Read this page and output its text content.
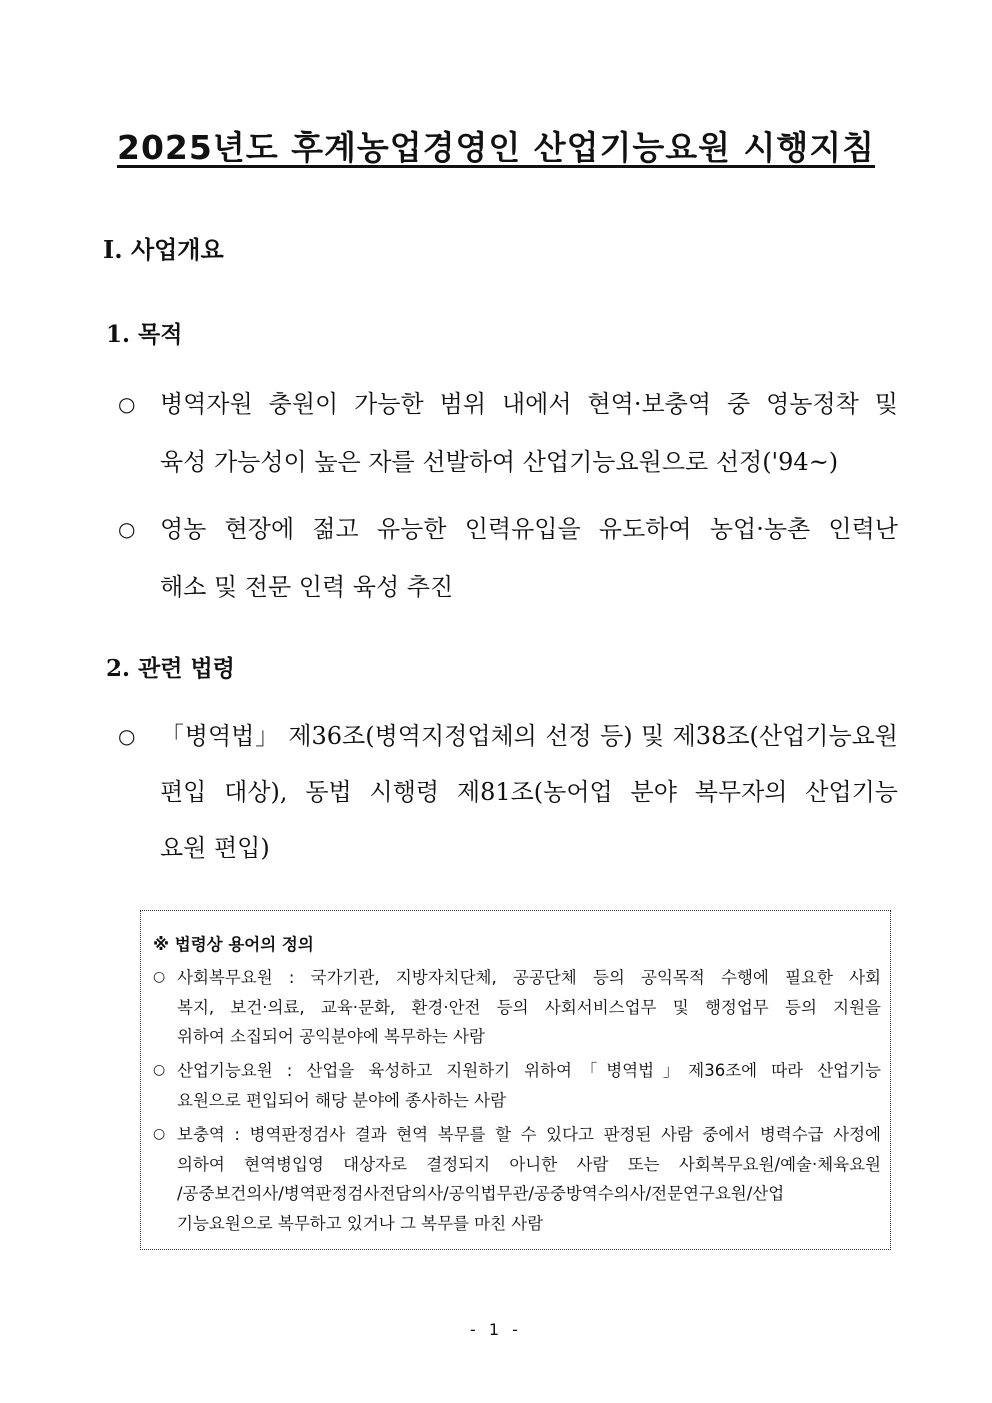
2025년도 후계농업경영인 산업기능요원 시행지침
Ⅰ. 사업개요
1. 목적
○ 병역자원 충원이 가능한 범위 내에서 현역·보충역 중 영농정착 및
육성 가능성이 높은 자를 선발하여 산업기능요원으로 선정('94~)
○ 영농 현장에 젊고 유능한 인력유입을 유도하여 농업·농촌 인력난
해소 및 전문 인력 육성 추진
2. 관련 법령
○ 「병역법」 제36조(병역지정업체의 선정 등) 및 제38조(산업기능요원
편입 대상), 동법 시행령 제81조(농어업 분야 복무자의 산업기능
요원 편입)
※ 법령상 용어의 정의
○ 사회복무요원 : 국가기관, 지방자치단체, 공공단체 등의 공익목적 수행에 필요한 사회
복지, 보건·의료, 교육·문화, 환경·안전 등의 사회서비스업무 및 행정업무 등의 지원을
위하여 소집되어 공익분야에 복무하는 사람
○ 산업기능요원 : 산업을 육성하고 지원하기 위하여「병역법」제36조에 따라 산업기능
요원으로 편입되어 해당 분야에 종사하는 사람
○ 보충역 : 병역판정검사 결과 현역 복무를 할 수 있다고 판정된 사람 중에서 병력수급 사정에
의하여 현역병입영 대상자로 결정되지 아니한 사람 또는 사회복무요원/예술·체육요원
/공중보건의사/병역판정검사전담의사/공익법무관/공중방역수의사/전문연구요원/산업
기능요원으로 복무하고 있거나 그 복무를 마친 사람
- 1 -
